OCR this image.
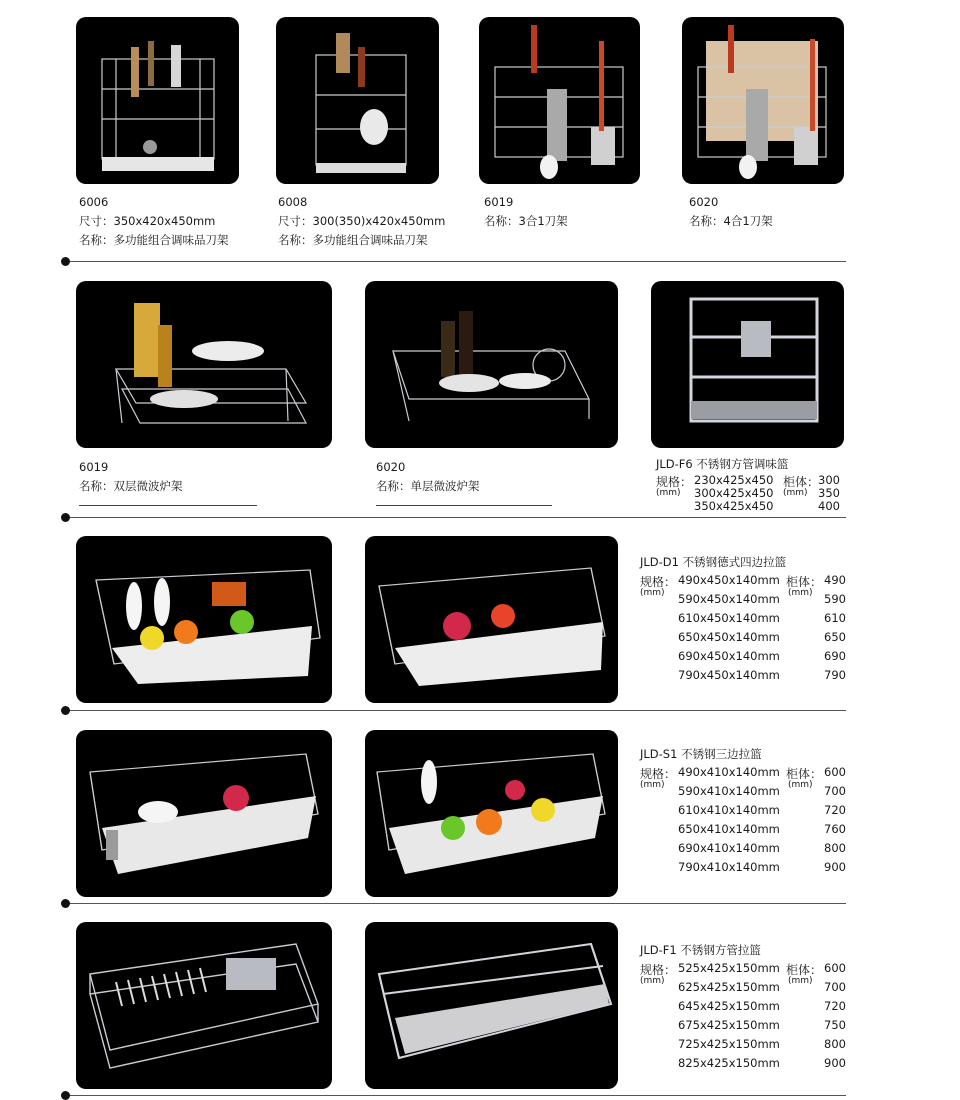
6006
尺寸：350x420x450mm
名称：多功能组合调味品刀架
6008
尺寸：300(350)x420x450mm
名称：多功能组合调味品刀架
6019
名称：3合1刀架
6020
名称：4合1刀架
6019
名称：双层微波炉架
6020
名称：单层微波炉架
JLD-F6 不锈钢方管调味篮
规格：
(mm)
230x425x450
300x425x450
350x425x450
柜体：
(mm)
300
350
400
JLD-D1 不锈钢德式四边拉篮
规格：
(mm)
490x450x140mm
590x450x140mm
610x450x140mm
650x450x140mm
690x450x140mm
790x450x140mm
柜体：
(mm)
490
590
610
650
690
790
JLD-S1 不锈钢三边拉篮
规格：
(mm)
490x410x140mm
590x410x140mm
610x410x140mm
650x410x140mm
690x410x140mm
790x410x140mm
柜体：
(mm)
600
700
720
760
800
900
JLD-F1 不锈钢方管拉篮
规格：
(mm)
525x425x150mm
625x425x150mm
645x425x150mm
675x425x150mm
725x425x150mm
825x425x150mm
柜体：
(mm)
600
700
720
750
800
900
